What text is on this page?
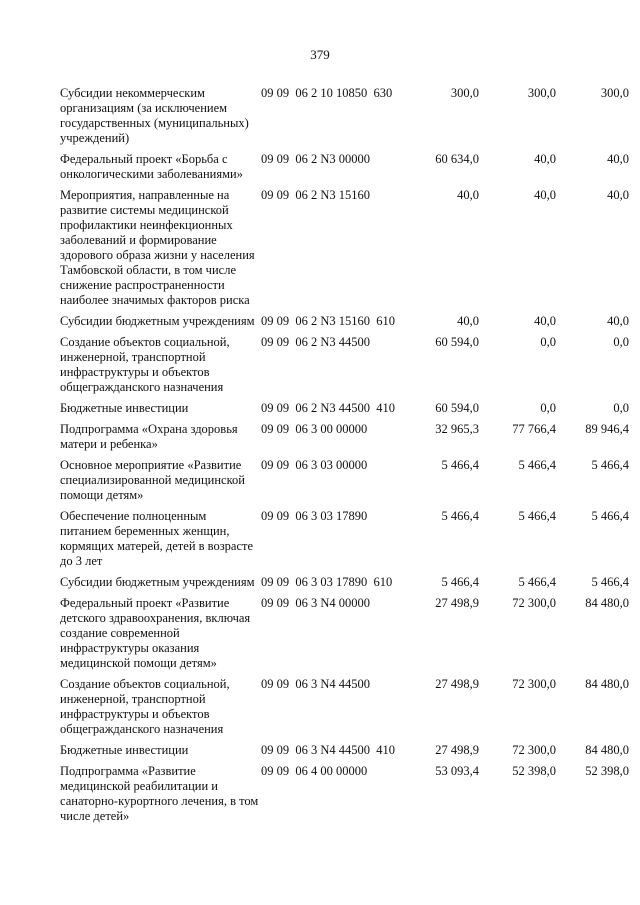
379
Субсидии некоммерческим организациям (за исключением государственных (муниципальных) учреждений)
09 09  06 2 10 10850  630	300,0	300,0	300,0
Федеральный проект «Борьба с онкологическими заболеваниями»
09 09  06 2 N3 00000	60 634,0	40,0	40,0
Мероприятия, направленные на развитие системы медицинской профилактики неинфекционных заболеваний и формирование здорового образа жизни у населения Тамбовской области, в том числе снижение распространенности наиболее значимых факторов риска
09 09  06 2 N3 15160	40,0	40,0	40,0
Субсидии бюджетным учреждениям 09 09  06 2 N3 15160  610	40,0	40,0	40,0
Создание объектов социальной, инженерной, транспортной инфраструктуры и объектов общегражданского назначения
09 09  06 2 N3 44500	60 594,0	0,0	0,0
Бюджетные инвестиции	09 09  06 2 N3 44500  410	60 594,0	0,0	0,0
Подпрограмма «Охрана здоровья матери и ребенка»
09 09  06 3 00 00000	32 965,3	77 766,4	89 946,4
Основное мероприятие «Развитие специализированной медицинской помощи детям»
09 09  06 3 03 00000	5 466,4	5 466,4	5 466,4
Обеспечение полноценным питанием беременных женщин, кормящих матерей, детей в возрасте до 3 лет
09 09  06 3 03 17890	5 466,4	5 466,4	5 466,4
Субсидии бюджетным учреждениям 09 09  06 3 03 17890  610	5 466,4	5 466,4	5 466,4
Федеральный проект «Развитие детского здравоохранения, включая создание современной инфраструктуры оказания медицинской помощи детям»
09 09  06 3 N4 00000	27 498,9	72 300,0	84 480,0
Создание объектов социальной, инженерной, транспортной инфраструктуры и объектов общегражданского назначения
09 09  06 3 N4 44500	27 498,9	72 300,0	84 480,0
Бюджетные инвестиции	09 09  06 3 N4 44500  410	27 498,9	72 300,0	84 480,0
Подпрограмма «Развитие медицинской реабилитации и санаторно-курортного лечения, в том числе детей»
09 09  06 4 00 00000	53 093,4	52 398,0	52 398,0
